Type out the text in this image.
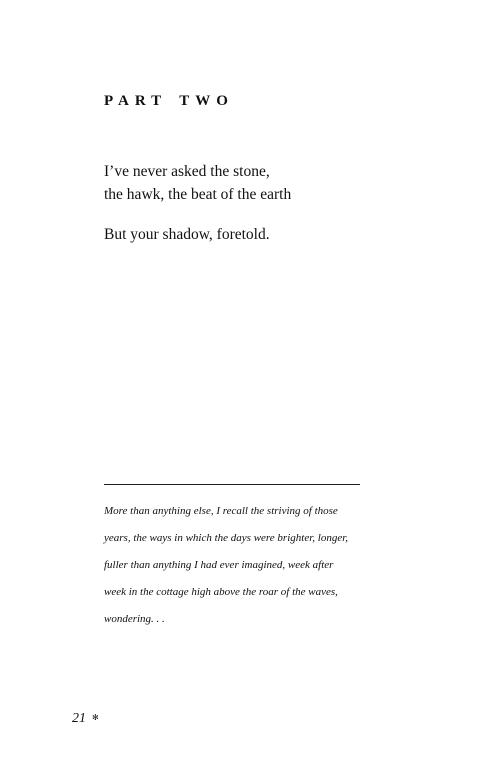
PART TWO
I’ve never asked the stone,
the hawk, the beat of the earth
But your shadow, foretold.
More than anything else, I recall the striving of those
years, the ways in which the days were brighter, longer,
fuller than anything I had ever imagined, week after
week in the cottage high above the roar of the waves,
wondering. . .
21 ✻
